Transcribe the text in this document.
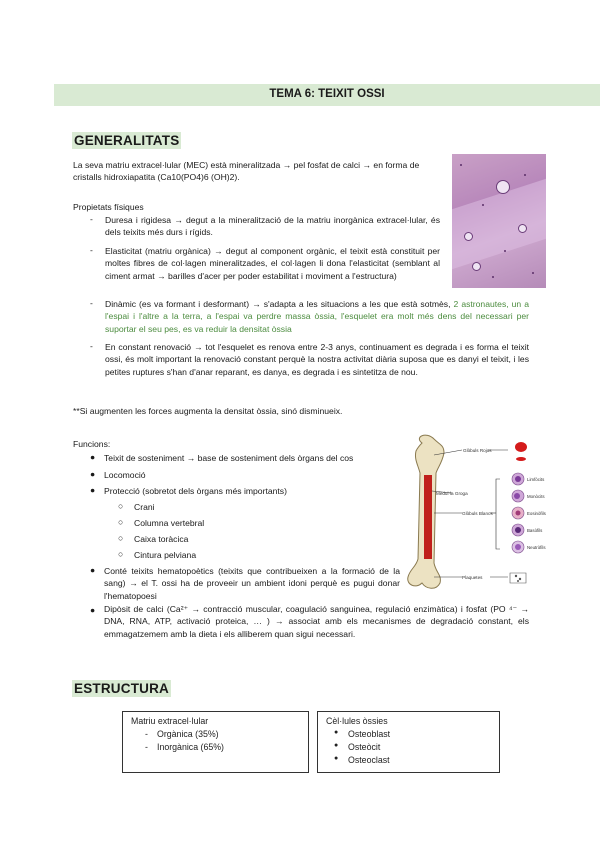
TEMA 6: TEIXIT OSSI
GENERALITATS
La seva matriu extracel·lular (MEC) està mineralitzada → pel fosfat de calci → en forma de cristalls hidroxiapatita (Ca10(PO4)6 (OH)2).
Propietats físiques
- Duresa i rigidesa → degut a la mineralització de la matriu inorgànica extracel·lular, és dels teixits més durs i rígids.
- Elasticitat (matriu orgànica) → degut al component orgànic, el teixit està constituit per moltes fibres de col·lagen mineralitzades, el col·lagen li dona l'elasticitat (semblant al ciment armat → barilles d'acer per poder estabilitat i moviment a l'estructura)
- Dinàmic (es va formant i desformant) → s'adapta a les situacions a les que està sotmès, 2 astronautes, un a l'espai i l'altre a la terra, a l'espai va perdre massa òssia, l'esquelet era molt més dens del necessari per suportar el seu pes, es va reduir la densitat òssia
- En constant renovació → tot l'esquelet es renova entre 2-3 anys, continuament es degrada i es forma el teixit ossi, és molt important la renovació constant perquè la nostra activitat diària suposa que es danyi el teixit, i les petites ruptures s'han d'anar reparant, es danya, es degrada i es sintetitza de nou.
**Si augmenten les forces augmenta la densitat òssia, sinó disminueix.
Funcions:
● Teixit de sosteniment → base de sosteniment dels òrgans del cos
● Locomoció
● Protecció (sobretot dels òrgans més importants)
○ Crani
○ Columna vertebral
○ Caixa toràcica
○ Cintura pelviana
● Conté teixits hematopoètics (teixits que contribueixen a la formació de la sang) → el T. ossi ha de proveeir un ambient idoni perquè es pugui donar l'hematopoesi
● Dipòsit de calci (Ca²⁺ → contracció muscular, coagulació sanguinea, regulació enzimàtica) i fosfat (PO ⁴⁻ → DNA, RNA, ATP, activació proteica, … ) → associat amb els mecanismes de degradació constant, els emmagatzemem amb la dieta i els alliberem quan sigui necessari.
Glòbuls Rojos
Medul·la Groga
Glòbuls Blancs
Plaquetes
Limfòcits
Monòcits
Eosinòfils
Basòfils
Neutròfils
ESTRUCTURA
Matriu extracel·lular
- Orgànica (35%)
- Inorgànica (65%)
Cèl·lules òssies
● Osteoblast
● Osteòcit
● Osteoclast
